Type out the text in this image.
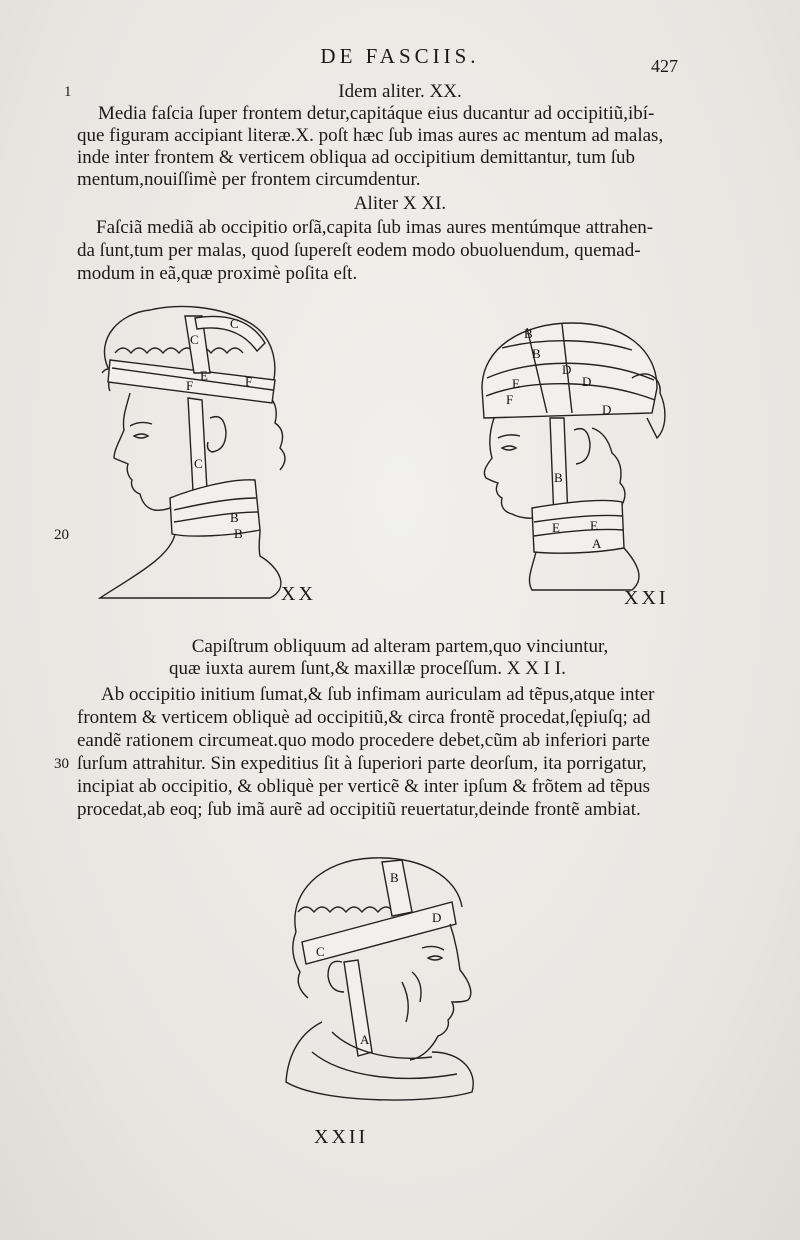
DE FASCIIS.	427
1
20
30
Idem aliter. XX.
Media faſcia ſuper frontem detur,capitáque eius ducantur ad occipitiũ,ibí-
que figuram accipiant literæ.X. poſt hæc ſub imas aures ac mentum ad malas,
inde inter frontem & verticem obliqua ad occipitium demittantur, tum ſub
mentum,nouiſſimè per frontem circumdentur.
Aliter X XI.
Faſciã mediã ab occipitio orſã,capita ſub imas aures mentúmque attrahen-
da ſunt,tum per malas, quod ſupereſt eodem modo obuoluendum, quemad-
modum in eã,quæ proximè poſita eſt.
C
C
E
F	F
C
B
B
XX
B
B
D
D
E
F
D
B
E E
A
XXI
Capiſtrum obliquum ad alteram partem,quo vinciuntur,
quæ iuxta aurem ſunt,& maxillæ proceſſum. X X I I.
Ab occipitio initium ſumat,& ſub infimam auriculam ad tẽpus,atque inter
frontem & verticem obliquè ad occipitiũ,& circa frontẽ procedat,ſępiuſq; ad
eandẽ rationem circumeat.quo modo procedere debet,cũm ab inferiori parte
ſurſum attrahitur. Sin expeditius ſit à ſuperiori parte deorſum, ita porrigatur,
incipiat ab occipitio, & obliquè per verticẽ & inter ipſum & frõtem ad tẽpus
procedat,ab eoq; ſub imã aurẽ ad occipitiũ reuertatur,deinde frontẽ ambiat.
B
D
C
A
XXII
